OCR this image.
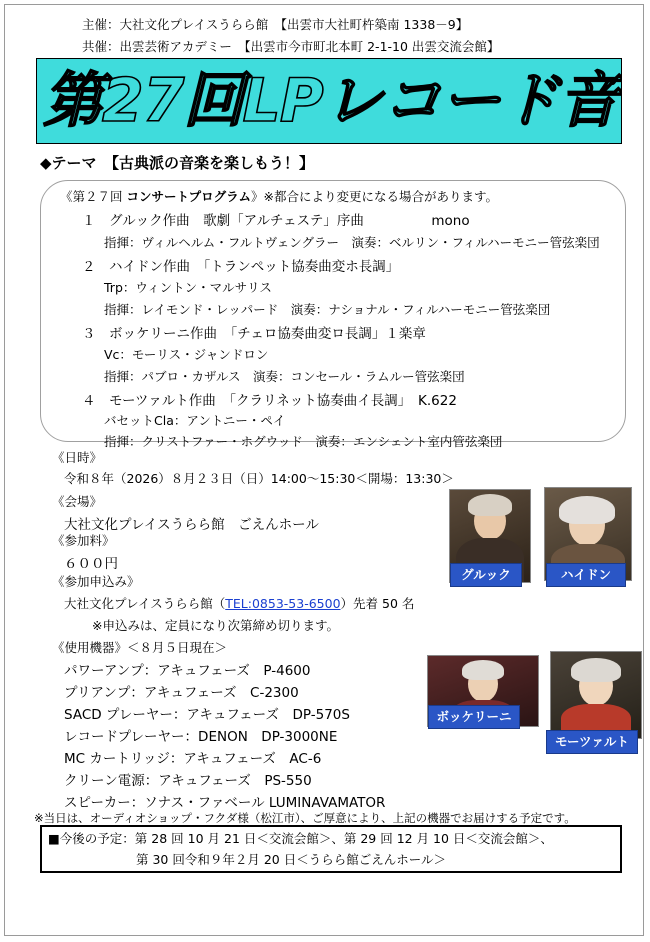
主催：大社文化プレイスうらら館　【出雲市大社町杵築南 1338－9】
共催：出雲芸術アカデミー　【出雲市今市町北本町 2-1-10 出雲交流会館】
第27回LPレコード音
◆テーマ　【古典派の音楽を楽しもう！】
《第２７回 コンサートプログラム》※都合により変更になる場合があります。
１　グルック作曲　歌劇「アルチェステ」序曲　　　　　mono
指揮：ヴィルヘルム・フルトヴェングラー　演奏：ベルリン・フィルハーモニー管弦楽団
２　ハイドン作曲　「トランペット協奏曲変ホ長調」
Trp：ウィントン・マルサリス
指揮：レイモンド・レッパード　演奏：ナショナル・フィルハーモニー管弦楽団
３　ボッケリーニ作曲　「チェロ協奏曲変ロ長調」１楽章
Vc：モーリス・ジャンドロン
指揮：パブロ・カザルス　演奏：コンセール・ラムルー管弦楽団
４　モーツァルト作曲　「クラリネット協奏曲イ長調」　K.622
バセットCla：アントニー・ペイ
指揮：クリストファー・ホグウッド　演奏：エンシェント室内管弦楽団
《日時》
令和８年（2026）８月２３日（日）14:00～15:30＜開場：13:30＞
《会場》
大社文化プレイスうらら館　ごえんホール
《参加料》
６００円
《参加申込み》
大社文化プレイスうらら館（TEL:0853-53-6500）先着 50 名
※申込みは、定員になり次第締め切ります。
《使用機器》＜８月５日現在＞
パワーアンプ：アキュフェーズ　P-4600
プリアンプ：アキュフェーズ　C-2300
SACD プレーヤー：アキュフェーズ　DP-570S
レコードプレーヤー：DENON　DP-3000NE
MC カートリッジ：アキュフェーズ　AC-6
クリーン電源：アキュフェーズ　PS-550
スピーカー：ソナス・ファベール LUMINAVAMATOR
※当日は、オーディオショップ・フクダ様（松江市）、ご厚意により、上記の機器でお届けする予定です。
グルック	ハイドン
ボッケリーニ
モーツァルト
■今後の予定：第 28 回 10 月 21 日＜交流会館＞、第 29 回 12 月 10 日＜交流会館＞、
第 30 回令和９年２月 20 日＜うらら館ごえんホール＞
